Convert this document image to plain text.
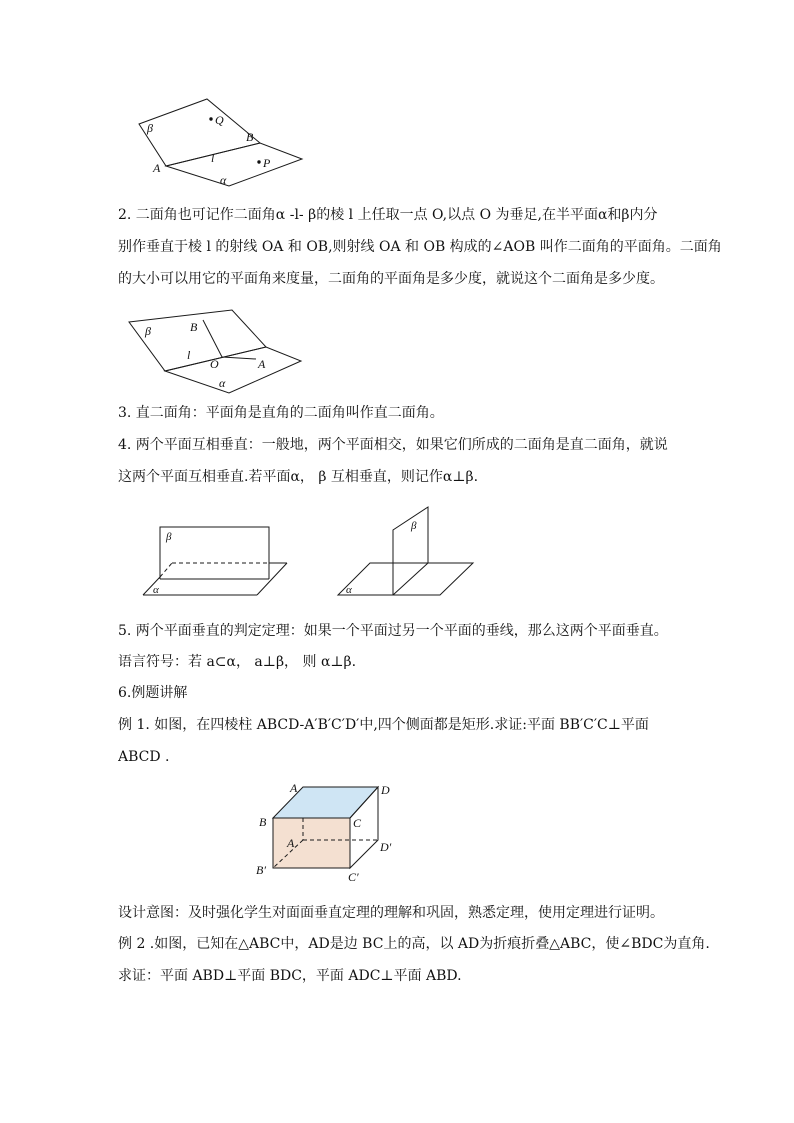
2. 二面角也可记作二面角α -l- β的棱 l 上任取一点 O,以点 O 为垂足,在半平面α和β内分
别作垂直于棱 l 的射线 OA 和 OB,则射线 OA 和 OB 构成的∠AOB 叫作二面角的平面角。二面角
的大小可以用它的平面角来度量，二面角的平面角是多少度，就说这个二面角是多少度。
3. 直二面角：平面角是直角的二面角叫作直二面角。
4. 两个平面互相垂直：一般地，两个平面相交，如果它们所成的二面角是直二面角，就说
这两个平面互相垂直.若平面α， β 互相垂直，则记作α⊥β.
5. 两个平面垂直的判定定理：如果一个平面过另一个平面的垂线，那么这两个平面垂直。
语言符号：若 a⊂α， a⊥β， 则 α⊥β.
6.例题讲解
例 1. 如图，在四棱柱 ABCD-A′B′C′D′中,四个侧面都是矩形.求证:平面 BB′C′C⊥平面
ABCD .
设计意图：及时强化学生对面面垂直定理的理解和巩固，熟悉定理，使用定理进行证明。
例 2 .如图，已知在△ABC中，AD是边 BC上的高，以 AD为折痕折叠△ABC，使∠BDC为直角.
求证：平面 ABD⊥平面 BDC，平面 ADC⊥平面 ABD.
β
Q
B
l	P
A
α
β	B
l
O	A
α
β
α
β
α
A	D
B	C
A	D′
B′	C′
